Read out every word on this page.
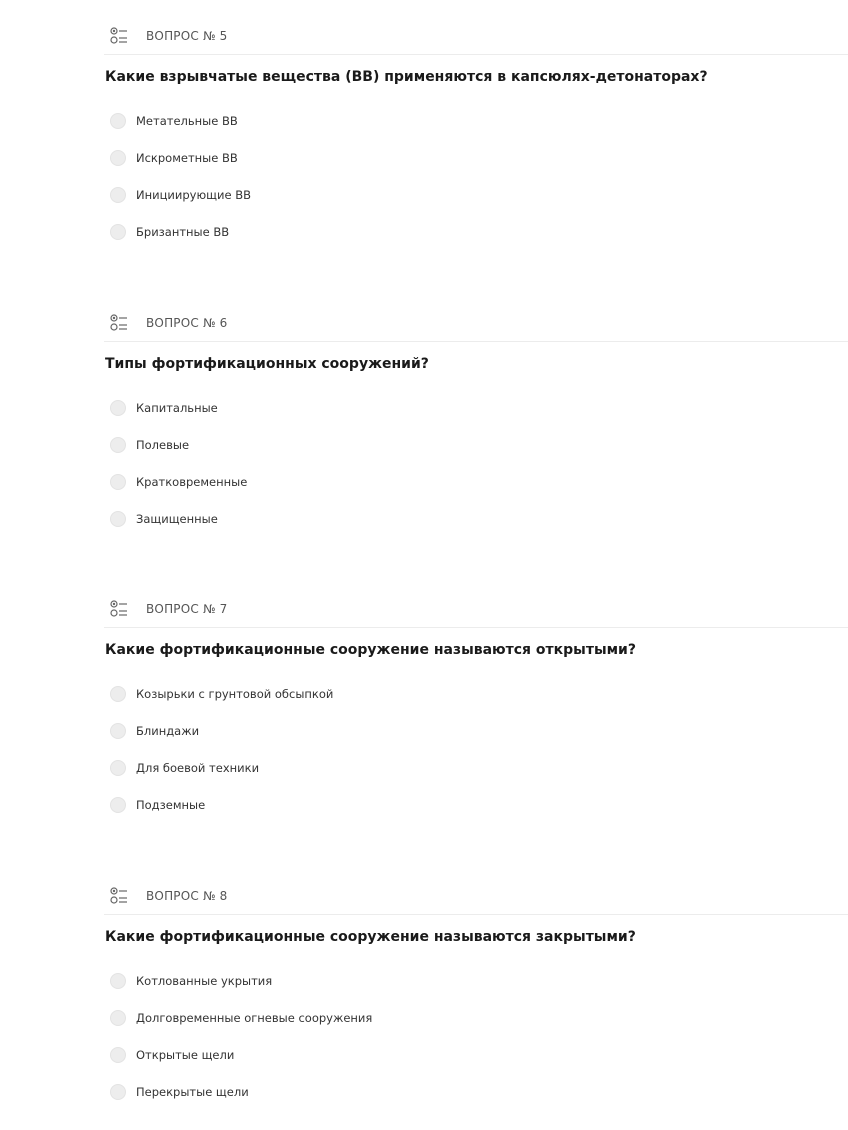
ВОПРОС № 5
Какие взрывчатые вещества (ВВ) применяются в капсюлях-детонаторах?
Метательные ВВ
Искрометные ВВ
Инициирующие ВВ
Бризантные ВВ
ВОПРОС № 6
Типы фортификационных сооружений?
Капитальные
Полевые
Кратковременные
Защищенные
ВОПРОС № 7
Какие фортификационные сооружение называются открытыми?
Козырьки с грунтовой обсыпкой
Блиндажи
Для боевой техники
Подземные
ВОПРОС № 8
Какие фортификационные сооружение называются закрытыми?
Котлованные укрытия
Долговременные огневые сооружения
Открытые щели
Перекрытые щели
